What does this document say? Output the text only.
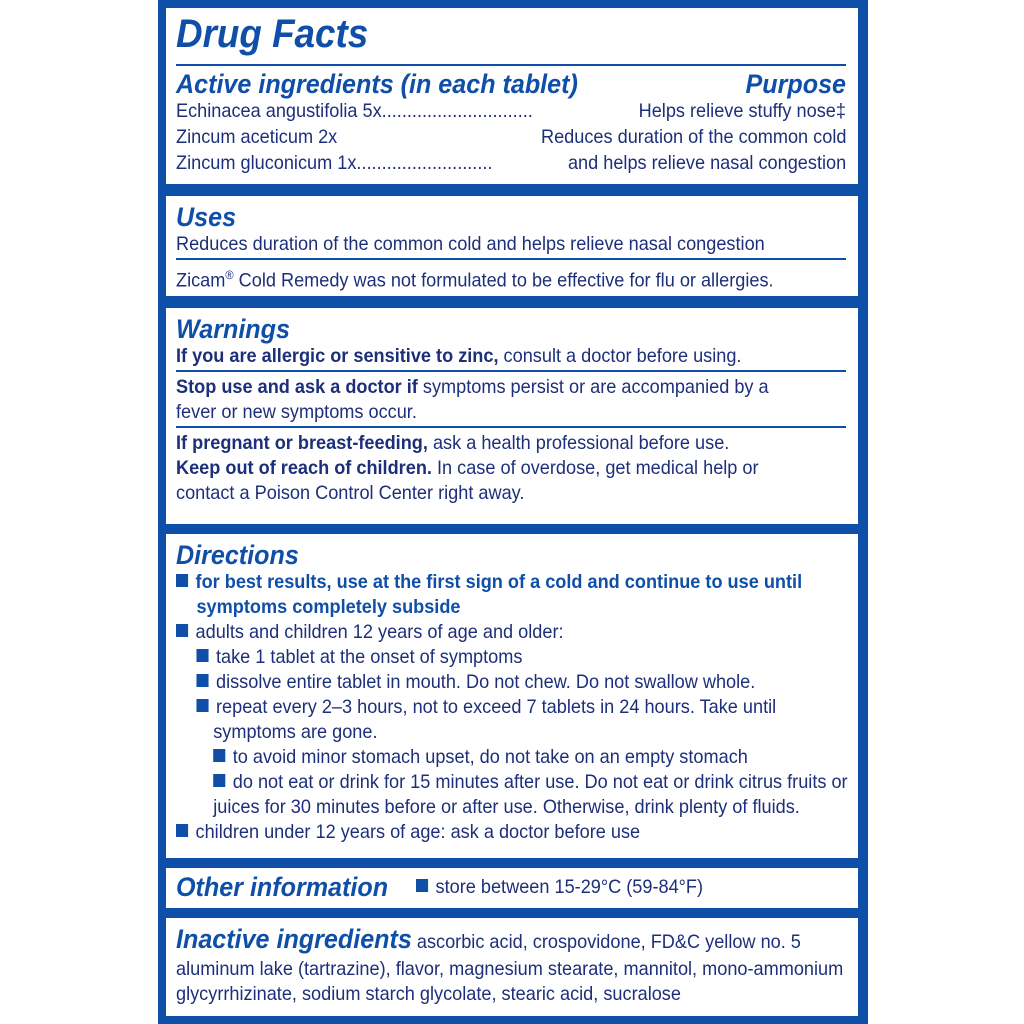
Drug Facts
Active ingredients (in each tablet)	Purpose
Echinacea angustifolia 5x..............................	Helps relieve stuffy nose‡
Zincum aceticum 2x	Reduces duration of the common cold
Zincum gluconicum 1x...........................	and helps relieve nasal congestion
Uses
Reduces duration of the common cold and helps relieve nasal congestion
Zicam® Cold Remedy was not formulated to be effective for flu or allergies.
Warnings
If you are allergic or sensitive to zinc, consult a doctor before using.
Stop use and ask a doctor if symptoms persist or are accompanied by a
fever or new symptoms occur.
If pregnant or breast-feeding, ask a health professional before use.
Keep out of reach of children. In case of overdose, get medical help or
contact a Poison Control Center right away.
Directions
for best results, use at the first sign of a cold and continue to use until
symptoms completely subside
adults and children 12 years of age and older:
take 1 tablet at the onset of symptoms
dissolve entire tablet in mouth. Do not chew. Do not swallow whole.
repeat every 2–3 hours, not to exceed 7 tablets in 24 hours. Take until
symptoms are gone.
to avoid minor stomach upset, do not take on an empty stomach
do not eat or drink for 15 minutes after use. Do not eat or drink citrus fruits or
juices for 30 minutes before or after use. Otherwise, drink plenty of fluids.
children under 12 years of age: ask a doctor before use
Other information store between 15-29°C (59-84°F)
Inactive ingredients ascorbic acid, crospovidone, FD&C yellow no. 5
aluminum lake (tartrazine), flavor, magnesium stearate, mannitol, mono-ammonium
glycyrrhizinate, sodium starch glycolate, stearic acid, sucralose
